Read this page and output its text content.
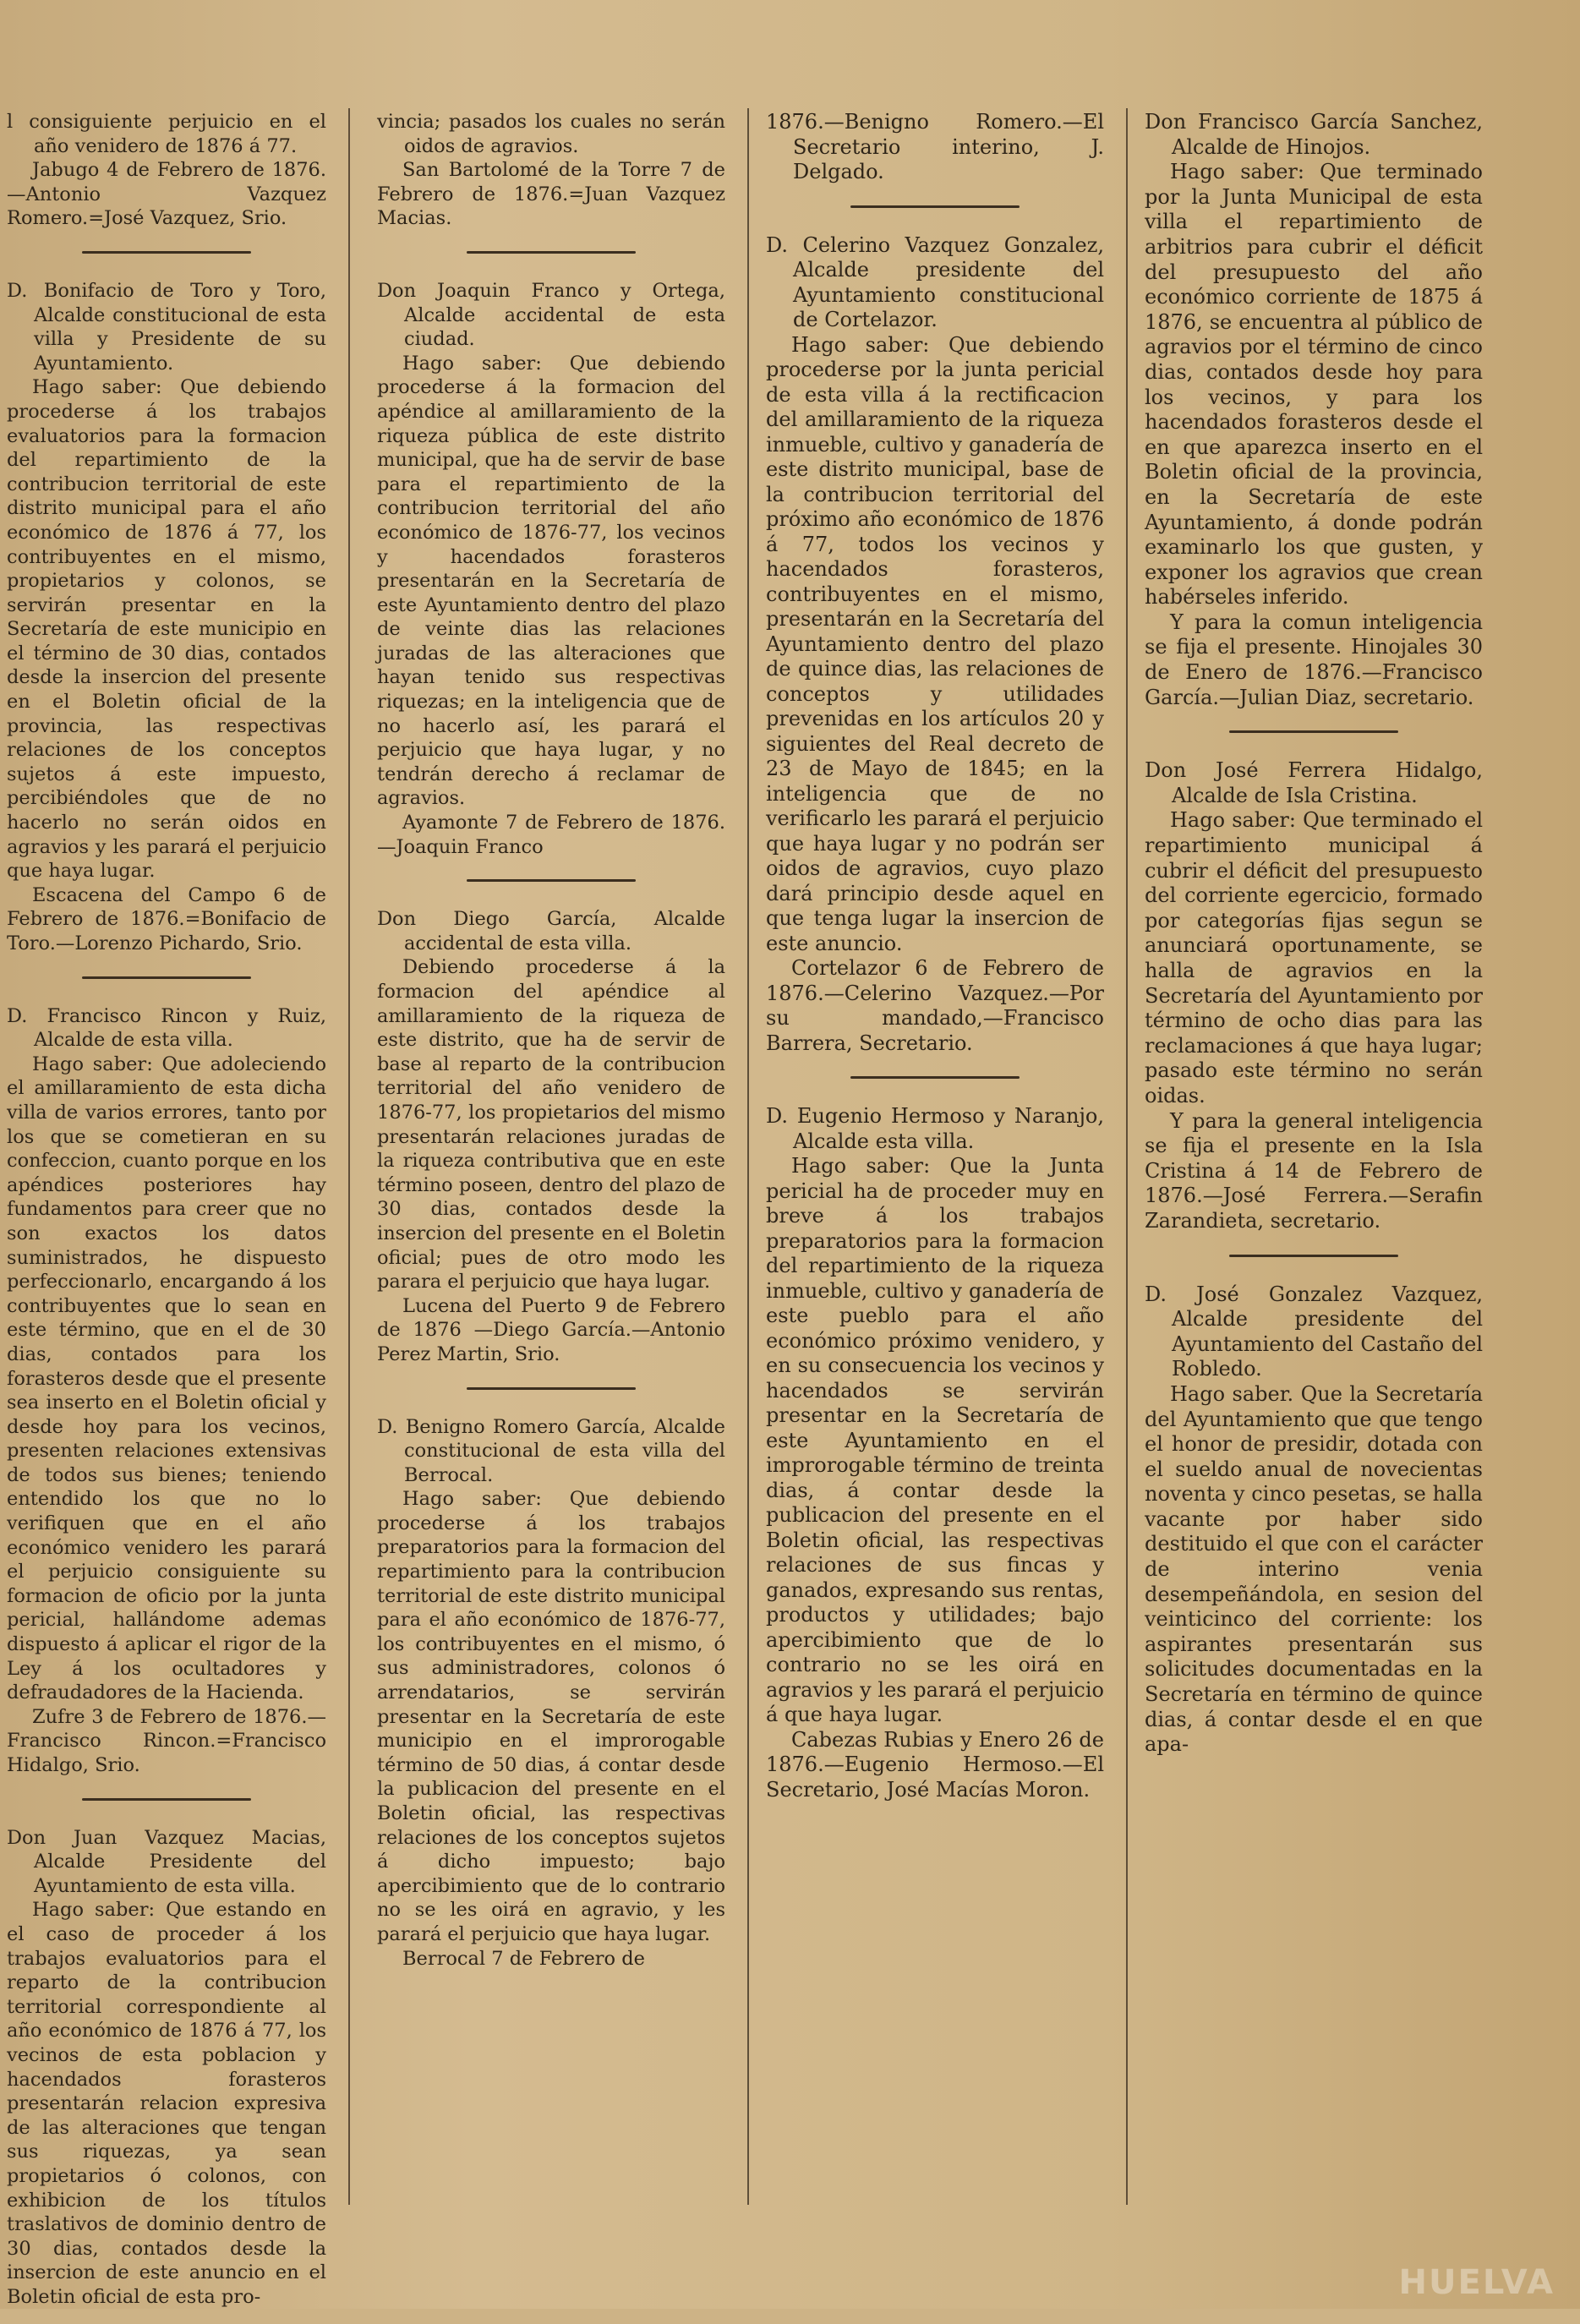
l consiguiente perjuicio en el año venidero de 1876 á 77.

Jabugo 4 de Febrero de 1876.—Antonio Vazquez Romero.=José Vazquez, Srio.

D. Bonifacio de Toro y Toro, Alcalde constitucional de esta villa y Presidente de su Ayuntamiento.

Hago saber: Que debiendo procederse á los trabajos evaluatorios para la formacion del repartimiento de la contribucion territorial de este distrito municipal para el año económico de 1876 á 77, los contribuyentes en el mismo, propietarios y colonos, se servirán presentar en la Secretaría de este municipio en el término de 30 dias, contados desde la insercion del presente en el Boletin oficial de la provincia, las respectivas relaciones de los conceptos sujetos á este impuesto, percibiéndoles que de no hacerlo no serán oidos en agravios y les parará el perjuicio que haya lugar.

Escacena del Campo 6 de Febrero de 1876.=Bonifacio de Toro.—Lorenzo Pichardo, Srio.

D. Francisco Rincon y Ruiz, Alcalde de esta villa.

Hago saber: Que adoleciendo el amillaramiento de esta dicha villa de varios errores, tanto por los que se cometieran en su confeccion, cuanto porque en los apéndices posteriores hay fundamentos para creer que no son exactos los datos suministrados, he dispuesto perfeccionarlo, encargando á los contribuyentes que lo sean en este término, que en el de 30 dias, contados para los forasteros desde que el presente sea inserto en el Boletin oficial y desde hoy para los vecinos, presenten relaciones extensivas de todos sus bienes; teniendo entendido los que no lo verifiquen que en el año económico venidero les parará el perjuicio consiguiente su formacion de oficio por la junta pericial, hallándome ademas dispuesto á aplicar el rigor de la Ley á los ocultadores y defraudadores de la Hacienda.

Zufre 3 de Febrero de 1876.—Francisco Rincon.=Francisco Hidalgo, Srio.

Don Juan Vazquez Macias, Alcalde Presidente del Ayuntamiento de esta villa.

Hago saber: Que estando en el caso de proceder á los trabajos evaluatorios para el reparto de la contribucion territorial correspondiente al año económico de 1876 á 77, los vecinos de esta poblacion y hacendados forasteros presentarán relacion expresiva de las alteraciones que tengan sus riquezas, ya sean propietarios ó colonos, con exhibicion de los títulos traslativos de dominio dentro de 30 dias, contados desde la insercion de este anuncio en el Boletin oficial de esta pro-

vincia; pasados los cuales no serán oidos de agravios.

San Bartolomé de la Torre 7 de Febrero de 1876.=Juan Vazquez Macias.

Don Joaquin Franco y Ortega, Alcalde accidental de esta ciudad.

Hago saber: Que debiendo procederse á la formacion del apéndice al amillaramiento de la riqueza pública de este distrito municipal, que ha de servir de base para el repartimiento de la contribucion territorial del año económico de 1876-77, los vecinos y hacendados forasteros presentarán en la Secretaría de este Ayuntamiento dentro del plazo de veinte dias las relaciones juradas de las alteraciones que hayan tenido sus respectivas riquezas; en la inteligencia que de no hacerlo así, les parará el perjuicio que haya lugar, y no tendrán derecho á reclamar de agravios.

Ayamonte 7 de Febrero de 1876. —Joaquin Franco

Don Diego García, Alcalde accidental de esta villa.

Debiendo procederse á la formacion del apéndice al amillaramiento de la riqueza de este distrito, que ha de servir de base al reparto de la contribucion territorial del año venidero de 1876-77, los propietarios del mismo presentarán relaciones juradas de la riqueza contributiva que en este término poseen, dentro del plazo de 30 dias, contados desde la insercion del presente en el Boletin oficial; pues de otro modo les parara el perjuicio que haya lugar.

Lucena del Puerto 9 de Febrero de 1876 —Diego García.—Antonio Perez Martin, Srio.

D. Benigno Romero García, Alcalde constitucional de esta villa del Berrocal.

Hago saber: Que debiendo procederse á los trabajos preparatorios para la formacion del repartimiento para la contribucion territorial de este distrito municipal para el año económico de 1876-77, los contribuyentes en el mismo, ó sus administradores, colonos ó arrendatarios, se servirán presentar en la Secretaría de este municipio en el improrogable término de 50 dias, á contar desde la publicacion del presente en el Boletin oficial, las respectivas relaciones de los conceptos sujetos á dicho impuesto; bajo apercibimiento que de lo contrario no se les oirá en agravio, y les parará el perjuicio que haya lugar.

Berrocal 7 de Febrero de

1876.—Benigno Romero.—El Secretario interino, J. Delgado.

D. Celerino Vazquez Gonzalez, Alcalde presidente del Ayuntamiento constitucional de Cortelazor.

Hago saber: Que debiendo procederse por la junta pericial de esta villa á la rectificacion del amillaramiento de la riqueza inmueble, cultivo y ganadería de este distrito municipal, base de la contribucion territorial del próximo año económico de 1876 á 77, todos los vecinos y hacendados forasteros, contribuyentes en el mismo, presentarán en la Secretaría del Ayuntamiento dentro del plazo de quince dias, las relaciones de conceptos y utilidades prevenidas en los artículos 20 y siguientes del Real decreto de 23 de Mayo de 1845; en la inteligencia que de no verificarlo les parará el perjuicio que haya lugar y no podrán ser oidos de agravios, cuyo plazo dará principio desde aquel en que tenga lugar la insercion de este anuncio.

Cortelazor 6 de Febrero de 1876.—Celerino Vazquez.—Por su mandado,—Francisco Barrera, Secretario.

D. Eugenio Hermoso y Naranjo, Alcalde esta villa.

Hago saber: Que la Junta pericial ha de proceder muy en breve á los trabajos preparatorios para la formacion del repartimiento de la riqueza inmueble, cultivo y ganadería de este pueblo para el año económico próximo venidero, y en su consecuencia los vecinos y hacendados se servirán presentar en la Secretaría de este Ayuntamiento en el improrogable término de treinta dias, á contar desde la publicacion del presente en el Boletin oficial, las respectivas relaciones de sus fincas y ganados, expresando sus rentas, productos y utilidades; bajo apercibimiento que de lo contrario no se les oirá en agravios y les parará el perjuicio á que haya lugar.

Cabezas Rubias y Enero 26 de 1876.—Eugenio Hermoso.—El Secretario, José Macías Moron.

Don Francisco García Sanchez, Alcalde de Hinojos.

Hago saber: Que terminado por la Junta Municipal de esta villa el repartimiento de arbitrios para cubrir el déficit del presupuesto del año económico corriente de 1875 á 1876, se encuentra al público de agravios por el término de cinco dias, contados desde hoy para los vecinos, y para los hacendados forasteros desde el en que aparezca inserto en el Boletin oficial de la provincia, en la Secretaría de este Ayuntamiento, á donde podrán examinarlo los que gusten, y exponer los agravios que crean habérseles inferido.

Y para la comun inteligencia se fija el presente. Hinojales 30 de Enero de 1876.—Francisco García.—Julian Diaz, secretario.

Don José Ferrera Hidalgo, Alcalde de Isla Cristina.

Hago saber: Que terminado el repartimiento municipal á cubrir el déficit del presupuesto del corriente egercicio, formado por categorías fijas segun se anunciará oportunamente, se halla de agravios en la Secretaría del Ayuntamiento por término de ocho dias para las reclamaciones á que haya lugar; pasado este término no serán oidas.

Y para la general inteligencia se fija el presente en la Isla Cristina á 14 de Febrero de 1876.—José Ferrera.—Serafin Zarandieta, secretario.

D. José Gonzalez Vazquez, Alcalde presidente del Ayuntamiento del Castaño del Robledo.

Hago saber. Que la Secretaría del Ayuntamiento que que tengo el honor de presidir, dotada con el sueldo anual de novecientas noventa y cinco pesetas, se halla vacante por haber sido destituido el que con el carácter de interino venia desempeñándola, en sesion del veinticinco del corriente: los aspirantes presentarán sus solicitudes documentadas en la Secretaría en término de quince dias, á contar desde el en que apa-

HUELVA
